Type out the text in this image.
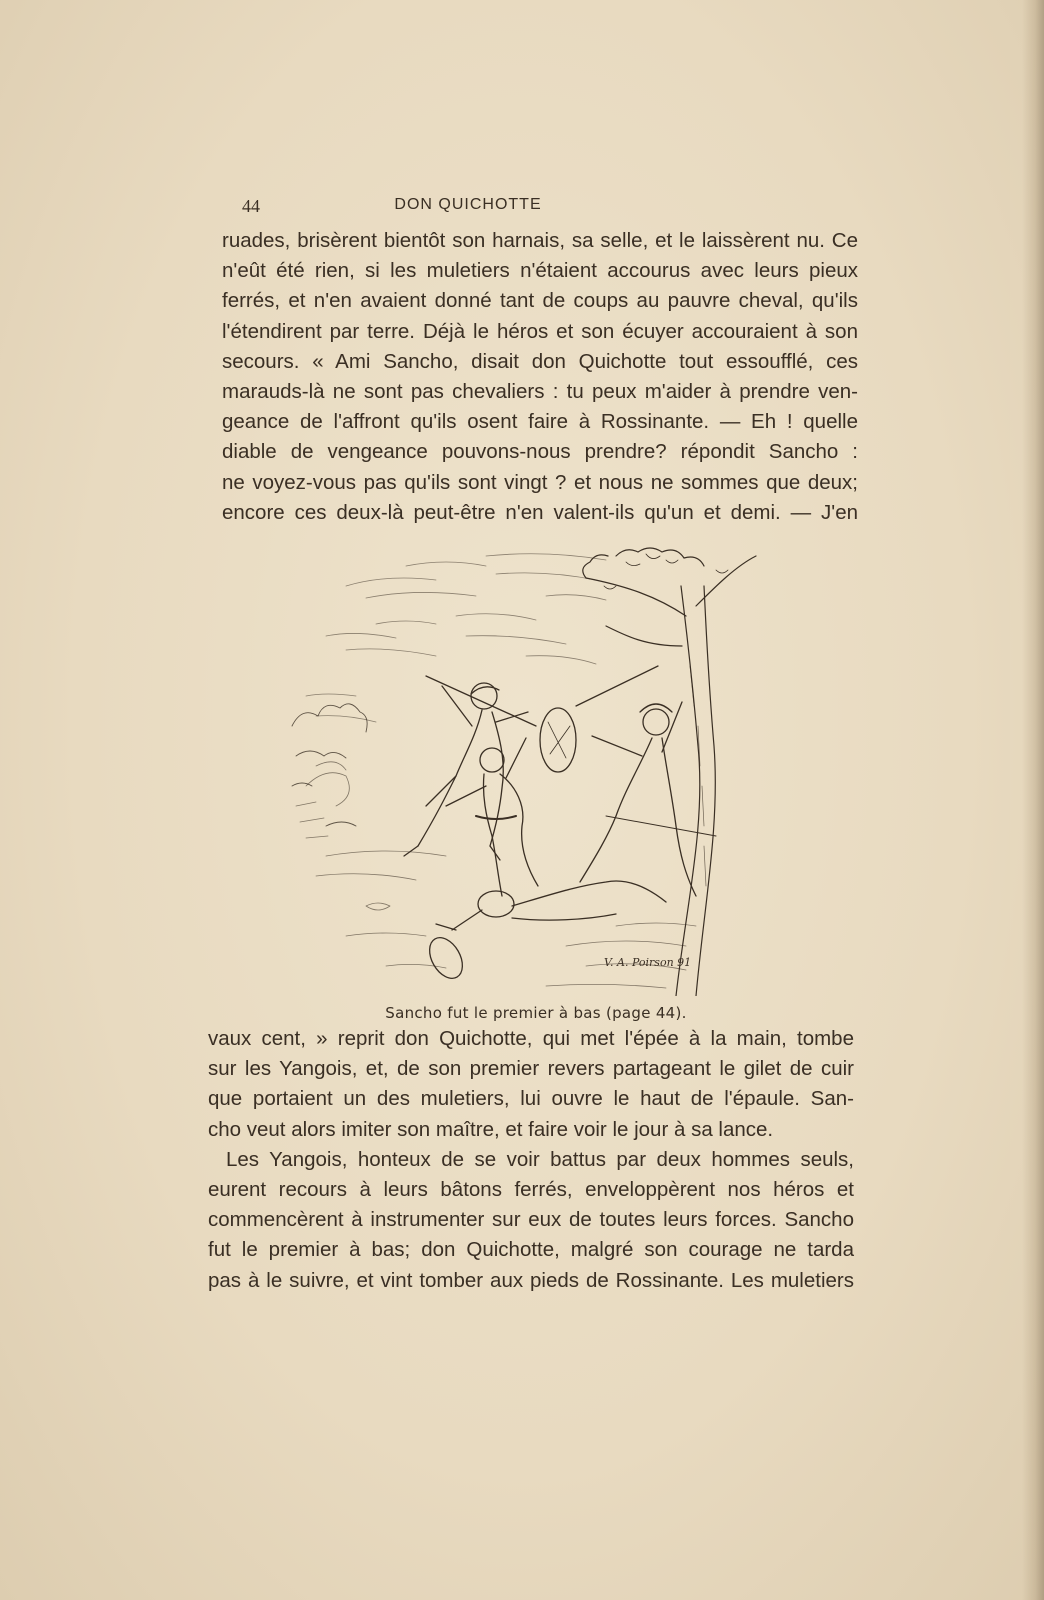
44	DON QUICHOTTE
ruades, brisèrent bientôt son harnais, sa selle, et le laissèrent nu. Ce
n'eût été rien, si les muletiers n'étaient accourus avec leurs pieux
ferrés, et n'en avaient donné tant de coups au pauvre cheval, qu'ils
l'étendirent par terre. Déjà le héros et son écuyer accouraient à son
secours. « Ami Sancho, disait don Quichotte tout essoufflé, ces
marauds-là ne sont pas chevaliers : tu peux m'aider à prendre ven-
geance de l'affront qu'ils osent faire à Rossinante. — Eh ! quelle
diable de vengeance pouvons-nous prendre? répondit Sancho :
ne voyez-vous pas qu'ils sont vingt ? et nous ne sommes que deux;
encore ces deux-là peut-être n'en valent-ils qu'un et demi. — J'en
V. A. Poirson 91
Sancho fut le premier à bas (page 44).
vaux cent, » reprit don Quichotte, qui met l'épée à la main, tombe
sur les Yangois, et, de son premier revers partageant le gilet de cuir
que portaient un des muletiers, lui ouvre le haut de l'épaule. San-
cho veut alors imiter son maître, et faire voir le jour à sa lance.
Les Yangois, honteux de se voir battus par deux hommes seuls,
eurent recours à leurs bâtons ferrés, enveloppèrent nos héros et
commencèrent à instrumenter sur eux de toutes leurs forces. Sancho
fut le premier à bas; don Quichotte, malgré son courage ne tarda
pas à le suivre, et vint tomber aux pieds de Rossinante. Les muletiers
